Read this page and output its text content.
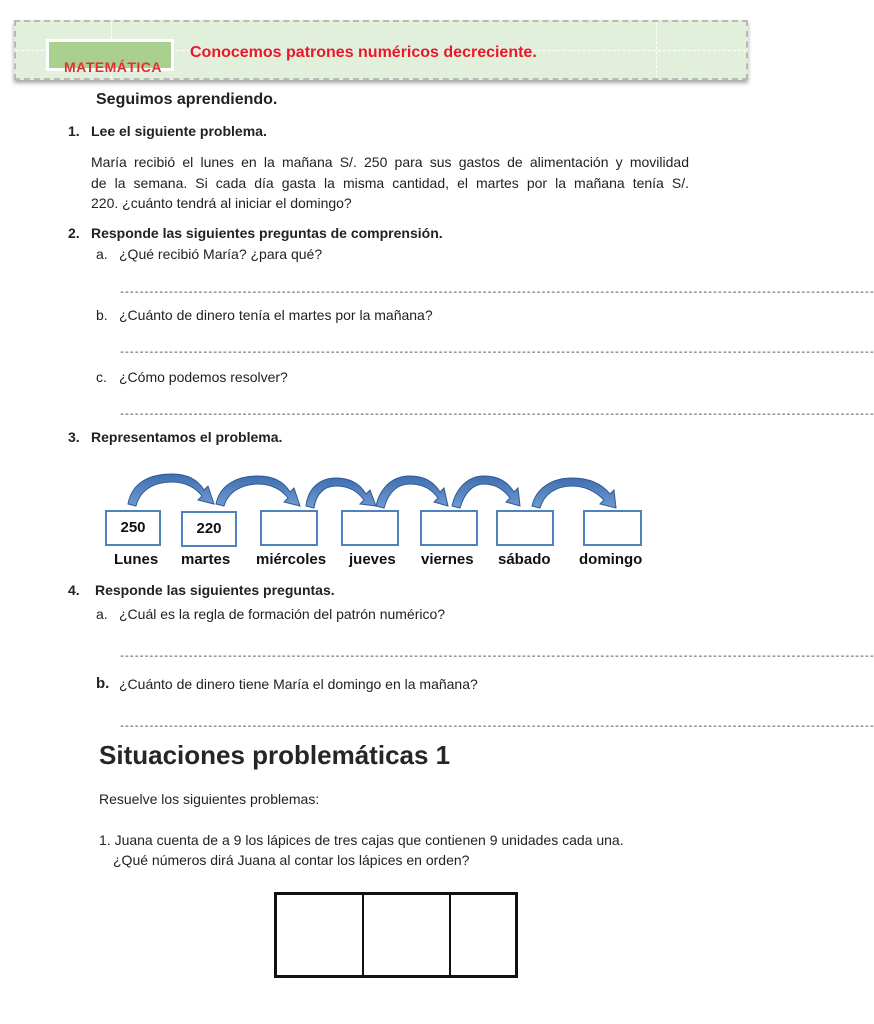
MATEMÁTICA
Conocemos patrones numéricos decreciente.
Seguimos aprendiendo.
1. Lee el siguiente problema.
María recibió el lunes en la mañana S/. 250 para sus gastos de alimentación y movilidad
de la semana. Si cada día gasta la misma cantidad, el martes por la mañana tenía S/.
220. ¿cuánto tendrá al iniciar el domingo?
2. Responde las siguientes preguntas de comprensión.
a. ¿Qué recibió María? ¿para qué?
----------------------------------------------------------------------------------------------------------------------------------------------------------
b. ¿Cuánto de dinero tenía el martes por la mañana?
----------------------------------------------------------------------------------------------------------------------------------------------------------
c. ¿Cómo podemos resolver?
----------------------------------------------------------------------------------------------------------------------------------------------------------
3. Representamos el problema.
250	220
Lunes martes miércoles jueves viernes sábado domingo
4. Responde las siguientes preguntas.
a. ¿Cuál es la regla de formación del patrón numérico?
----------------------------------------------------------------------------------------------------------------------------------------------------------
b. ¿Cuánto de dinero tiene María el domingo en la mañana?
----------------------------------------------------------------------------------------------------------------------------------------------------------
Situaciones problemáticas 1
Resuelve los siguientes problemas:
1. Juana cuenta de a 9 los lápices de tres cajas que contienen 9 unidades cada una.
¿Qué números dirá Juana al contar los lápices en orden?
